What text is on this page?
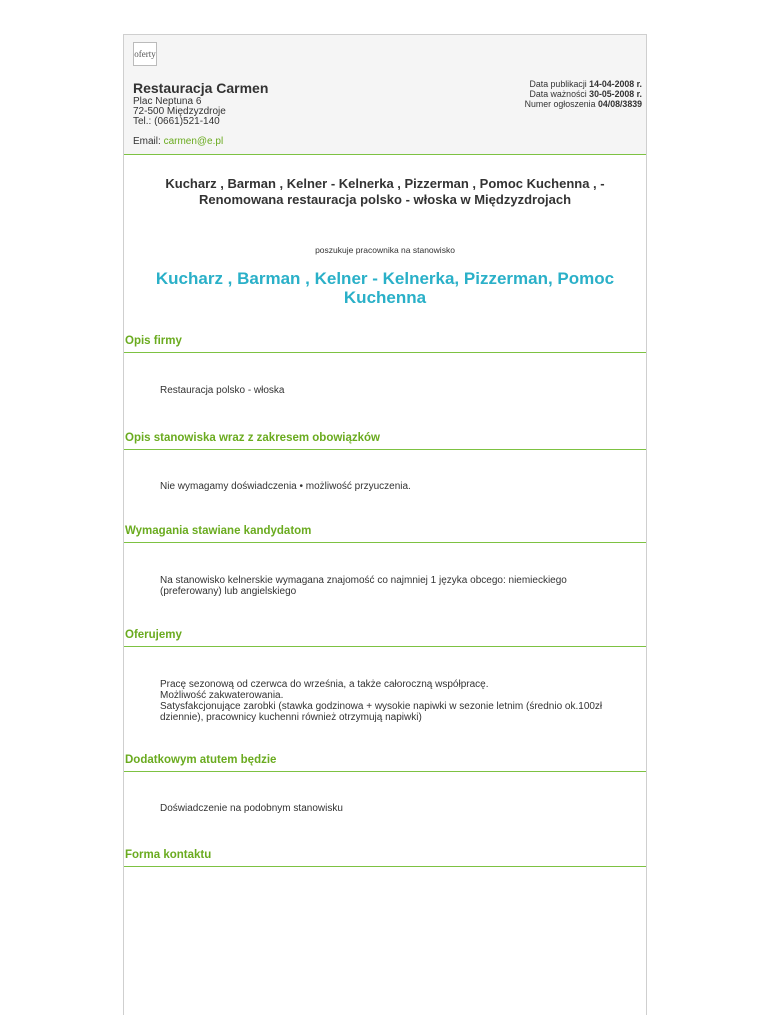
oferty
Restauracja Carmen
Plac Neptuna 6
72-500 Międzyzdroje
Tel.: (0661)521-140
Email: carmen@e.pl
Data publikacji 14-04-2008 r.
Data ważności 30-05-2008 r.
Numer ogłoszenia 04/08/3839
Kucharz , Barman , Kelner - Kelnerka , Pizzerman , Pomoc Kuchenna , -
Renomowana restauracja polsko - włoska w Międzyzdrojach
poszukuje pracownika na stanowisko
Kucharz , Barman , Kelner - Kelnerka, Pizzerman, Pomoc
Kuchenna
Opis firmy
Restauracja polsko - włoska
Opis stanowiska wraz z zakresem obowiązków
Nie wymagamy doświadczenia • możliwość przyuczenia.
Wymagania stawiane kandydatom
Na stanowisko kelnerskie wymagana znajomość co najmniej 1 języka obcego: niemieckiego
(preferowany) lub angielskiego
Oferujemy
Pracę sezonową od czerwca do września, a także całoroczną współpracę.
Możliwość zakwaterowania.
Satysfakcjonujące zarobki (stawka godzinowa + wysokie napiwki w sezonie letnim (średnio ok.100zł
dziennie), pracownicy kuchenni również otrzymują napiwki)
Dodatkowym atutem będzie
Doświadczenie na podobnym stanowisku
Forma kontaktu
